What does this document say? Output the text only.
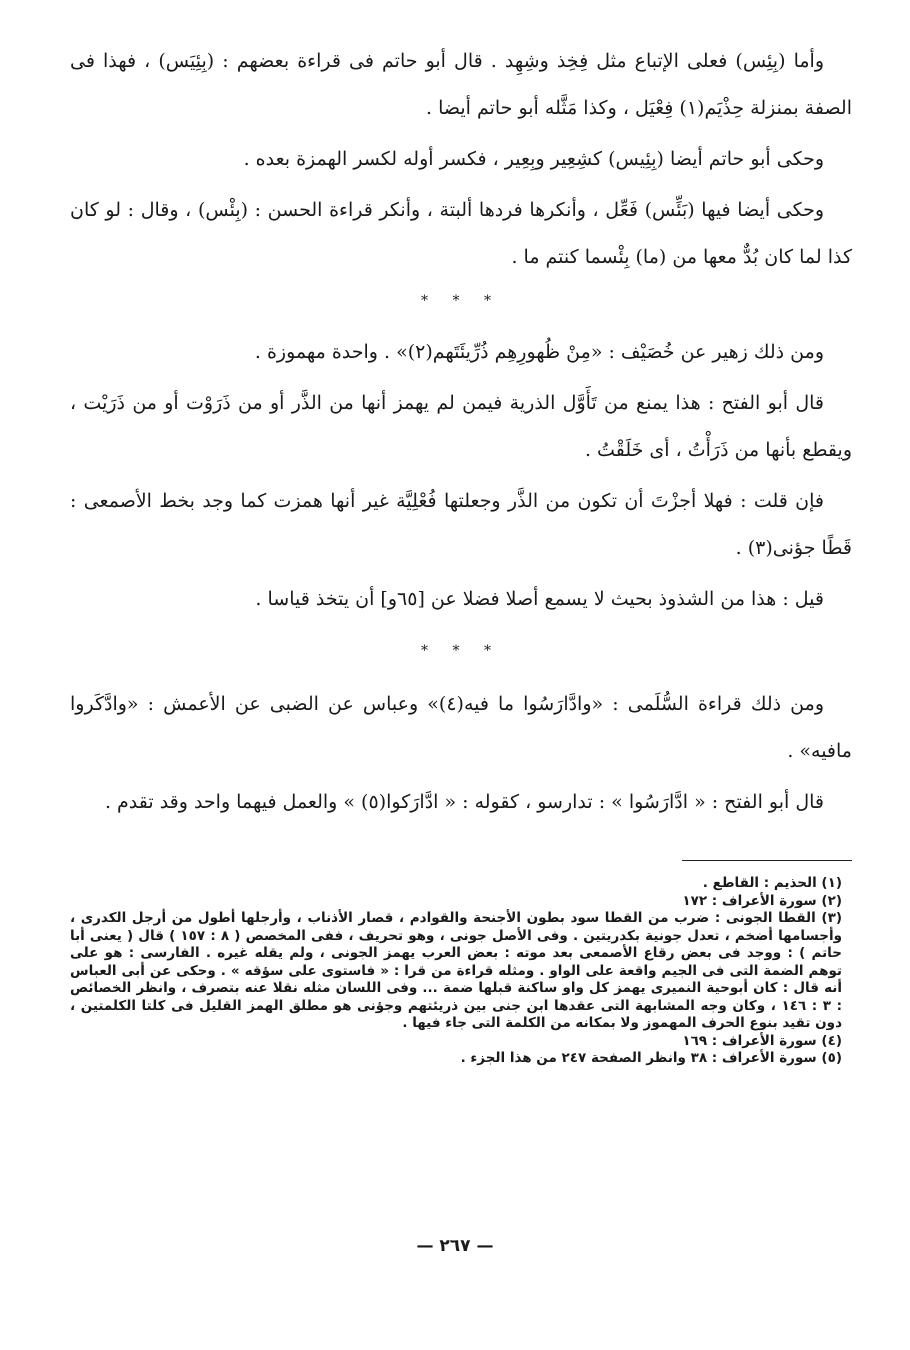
وأما (بِئِس) فعلى الإتباع مثل فِخِذ وشِهِد . قال أبو حاتم فى قراءة بعضهم : (بِئِيَس) ، فهذا فى الصفة بمنزلة حِذْيَم(١) فِعْيَل ، وكذا مَثَّله أبو حاتم أيضا .

وحكى أبو حاتم أيضا (بِئِيس) كشِعِير وبِعِير ، فكسر أوله لكسر الهمزة بعده .

وحكى أيضا فيها (بَئِّس) فَعِّل ، وأنكرها فردها ألبتة ، وأنكر قراءة الحسن : (بِئْس) ، وقال : لو كان كذا لما كان بُدٌّ معها من (ما) بِئْسما كنتم ما .

* * *

ومن ذلك زهير عن خُصَيْف : «مِنْ ظُهورِهِم ذُرِّيئَتَهم(٢)» . واحدة مهموزة .

قال أبو الفتح : هذا يمنع من تَأَوَّل الذرية فيمن لم يهمز أنها من الذَّر أو من ذَرَوْت أو من ذَرَيْت ، ويقطع بأنها من ذَرَأْتُ ، أى خَلَقْتُ .

فإن قلت : فهلا أجزْتَ أن تكون من الذَّر وجعلتها فُعْلِيَّة غير أنها همزت كما وجد بخط الأصمعى : قَطًا جؤنى(٣) .

قيل : هذا من الشذوذ بحيث لا يسمع أصلا فضلا عن [٦٥و] أن يتخذ قياسا .

* * *

ومن ذلك قراءة السُّلَمى : «وادَّارَسُوا ما فيه(٤)» وعباس عن الضبى عن الأعمش : «وادَّكَروا مافيه» .

قال أبو الفتح : « ادَّارَسُوا » : تدارسو ، كقوله : « ادَّارَكوا(٥) » والعمل فيهما واحد وقد تقدم .

(١) الحذيم : القاطع .

(٢) سورة الأعراف : ١٧٢

(٣) القطا الجونى : ضرب من القطا سود بطون الأجنحة والقوادم ، قصار الأذناب ، وأرجلها أطول من أرجل الكدرى ، وأجسامها أضخم ، تعدل جونية بكدريتين . وفى الأصل جونى ، وهو تحريف ، ففى المخصص ( ٨ : ١٥٧ ) قال ( يعنى أبا حاتم ) : ووجد فى بعض رقاع الأصمعى بعد موته : بعض العرب يهمز الجونى ، ولم يقله غيره . الفارسى : هو على توهم الضمة التى فى الجيم واقعة على الواو . ومثله قراءة من قرا : « فاستوى على سؤقه » . وحكى عن أبى العباس أنه قال : كان أبوحية النميرى يهمز كل واو ساكنة قبلها ضمة ... وفى اللسان مثله نقلا عنه بتصرف ، وانظر الخصائص : ٣ : ١٤٦ ، وكان وجه المشابهة التى عقدها ابن جنى بين ذريئتهم وجؤنى هو مطلق الهمز القليل فى كلتا الكلمتين ، دون تقيد بنوع الحرف المهموز ولا بمكانه من الكلمة التى جاء فيها .

(٤) سورة الأعراف : ١٦٩

(٥) سورة الأعراف : ٣٨ وانظر الصفحة ٢٤٧ من هذا الجزء .

— ٢٦٧ —
